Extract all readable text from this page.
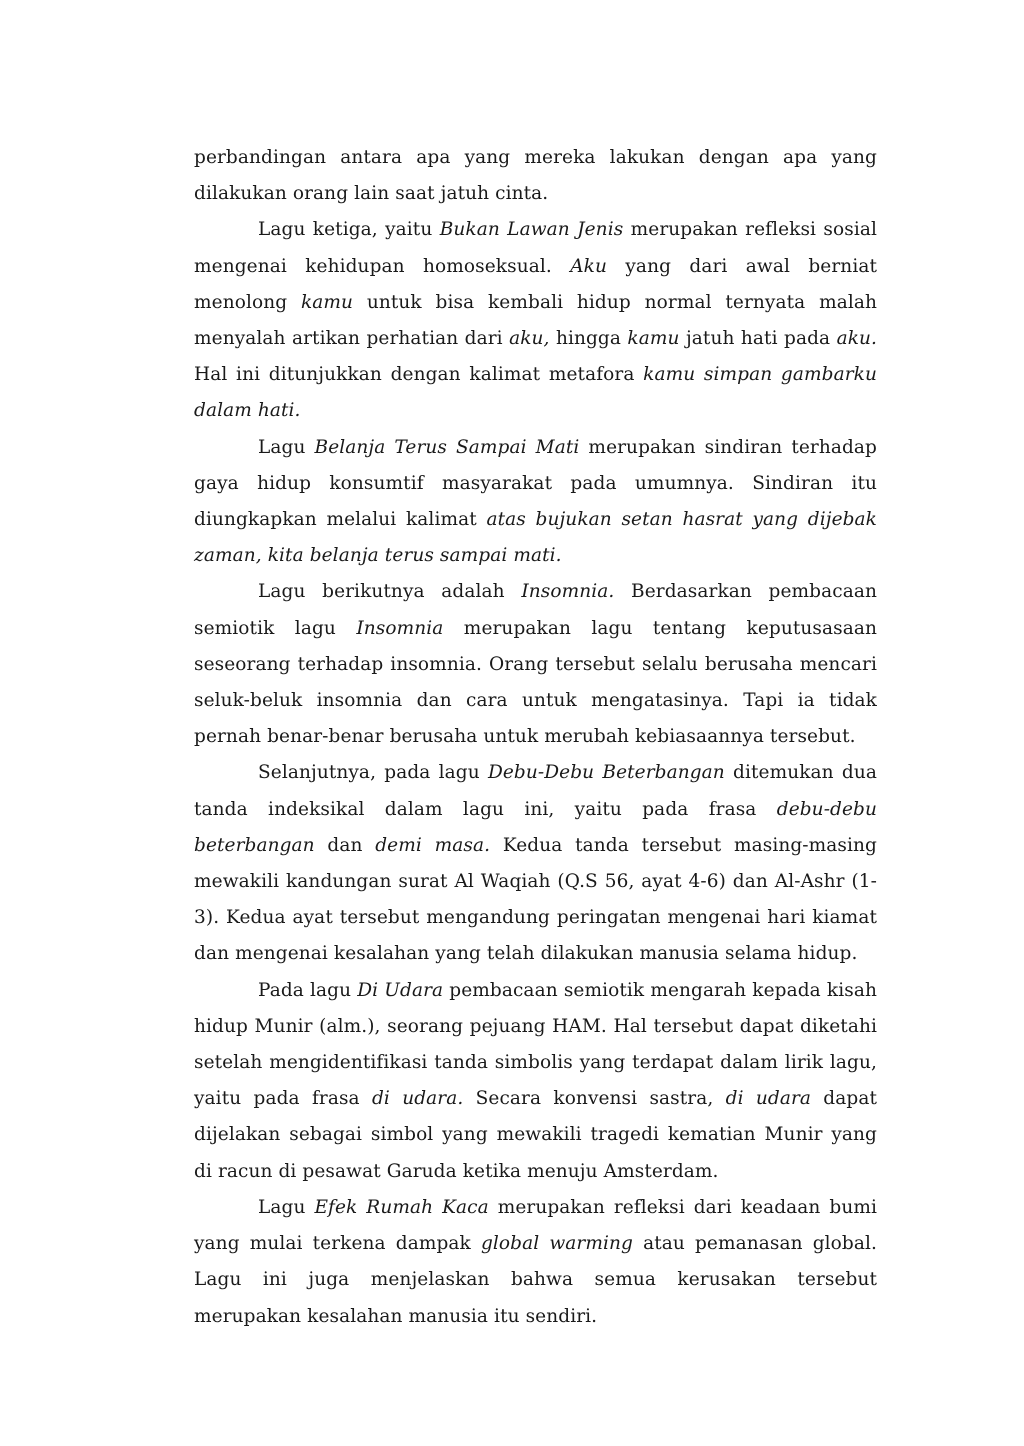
perbandingan antara apa yang mereka lakukan dengan apa yang dilakukan orang lain saat jatuh cinta.

Lagu ketiga, yaitu Bukan Lawan Jenis merupakan refleksi sosial mengenai kehidupan homoseksual. Aku yang dari awal berniat menolong kamu untuk bisa kembali hidup normal ternyata malah menyalah artikan perhatian dari aku, hingga kamu jatuh hati pada aku. Hal ini ditunjukkan dengan kalimat metafora kamu simpan gambarku dalam hati.

Lagu Belanja Terus Sampai Mati merupakan sindiran terhadap gaya hidup konsumtif masyarakat pada umumnya. Sindiran itu diungkapkan melalui kalimat atas bujukan setan hasrat yang dijebak zaman, kita belanja terus sampai mati.

Lagu berikutnya adalah Insomnia. Berdasarkan pembacaan semiotik lagu Insomnia merupakan lagu tentang keputusasaan seseorang terhadap insomnia. Orang tersebut selalu berusaha mencari seluk-beluk insomnia dan cara untuk mengatasinya. Tapi ia tidak pernah benar-benar berusaha untuk merubah kebiasaannya tersebut.

Selanjutnya, pada lagu Debu-Debu Beterbangan ditemukan dua tanda indeksikal dalam lagu ini, yaitu pada frasa debu-debu beterbangan dan demi masa. Kedua tanda tersebut masing-masing mewakili kandungan surat Al Waqiah (Q.S 56, ayat 4-6) dan Al-Ashr (1-3). Kedua ayat tersebut mengandung peringatan mengenai hari kiamat dan mengenai kesalahan yang telah dilakukan manusia selama hidup.

Pada lagu Di Udara pembacaan semiotik mengarah kepada kisah hidup Munir (alm.), seorang pejuang HAM. Hal tersebut dapat diketahi setelah mengidentifikasi tanda simbolis yang terdapat dalam lirik lagu, yaitu pada frasa di udara. Secara konvensi sastra, di udara dapat dijelakan sebagai simbol yang mewakili tragedi kematian Munir yang di racun di pesawat Garuda ketika menuju Amsterdam.

Lagu Efek Rumah Kaca merupakan refleksi dari keadaan bumi yang mulai terkena dampak global warming atau pemanasan global. Lagu ini juga menjelaskan bahwa semua kerusakan tersebut merupakan kesalahan manusia itu sendiri.
